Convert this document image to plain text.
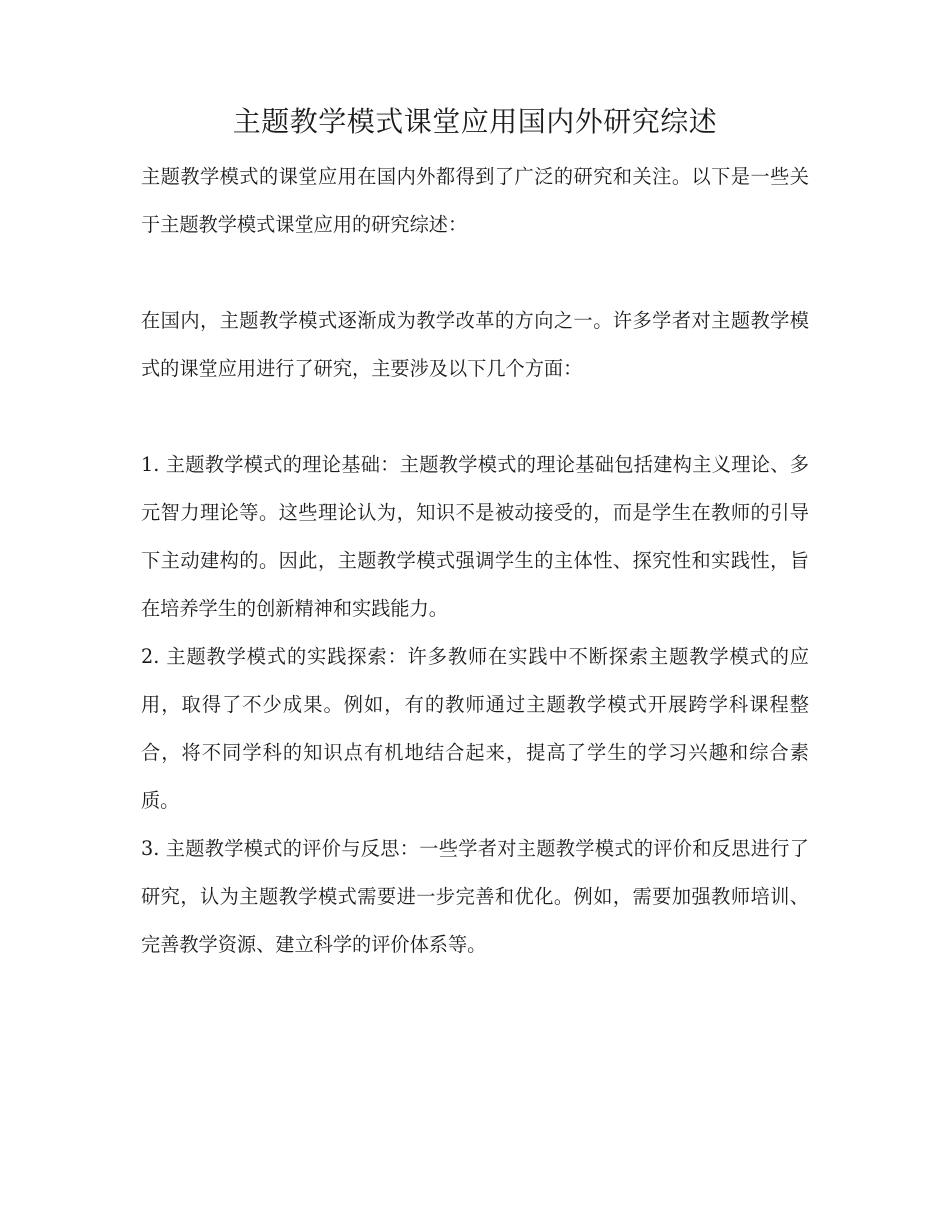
主题教学模式课堂应用国内外研究综述

主题教学模式的课堂应用在国内外都得到了广泛的研究和关注。以下是一些关于主题教学模式课堂应用的研究综述：

在国内，主题教学模式逐渐成为教学改革的方向之一。许多学者对主题教学模式的课堂应用进行了研究，主要涉及以下几个方面：

1. 主题教学模式的理论基础：主题教学模式的理论基础包括建构主义理论、多元智力理论等。这些理论认为，知识不是被动接受的，而是学生在教师的引导下主动建构的。因此，主题教学模式强调学生的主体性、探究性和实践性，旨在培养学生的创新精神和实践能力。

2. 主题教学模式的实践探索：许多教师在实践中不断探索主题教学模式的应用，取得了不少成果。例如，有的教师通过主题教学模式开展跨学科课程整合，将不同学科的知识点有机地结合起来，提高了学生的学习兴趣和综合素质。

3. 主题教学模式的评价与反思：一些学者对主题教学模式的评价和反思进行了研究，认为主题教学模式需要进一步完善和优化。例如，需要加强教师培训、完善教学资源、建立科学的评价体系等。
